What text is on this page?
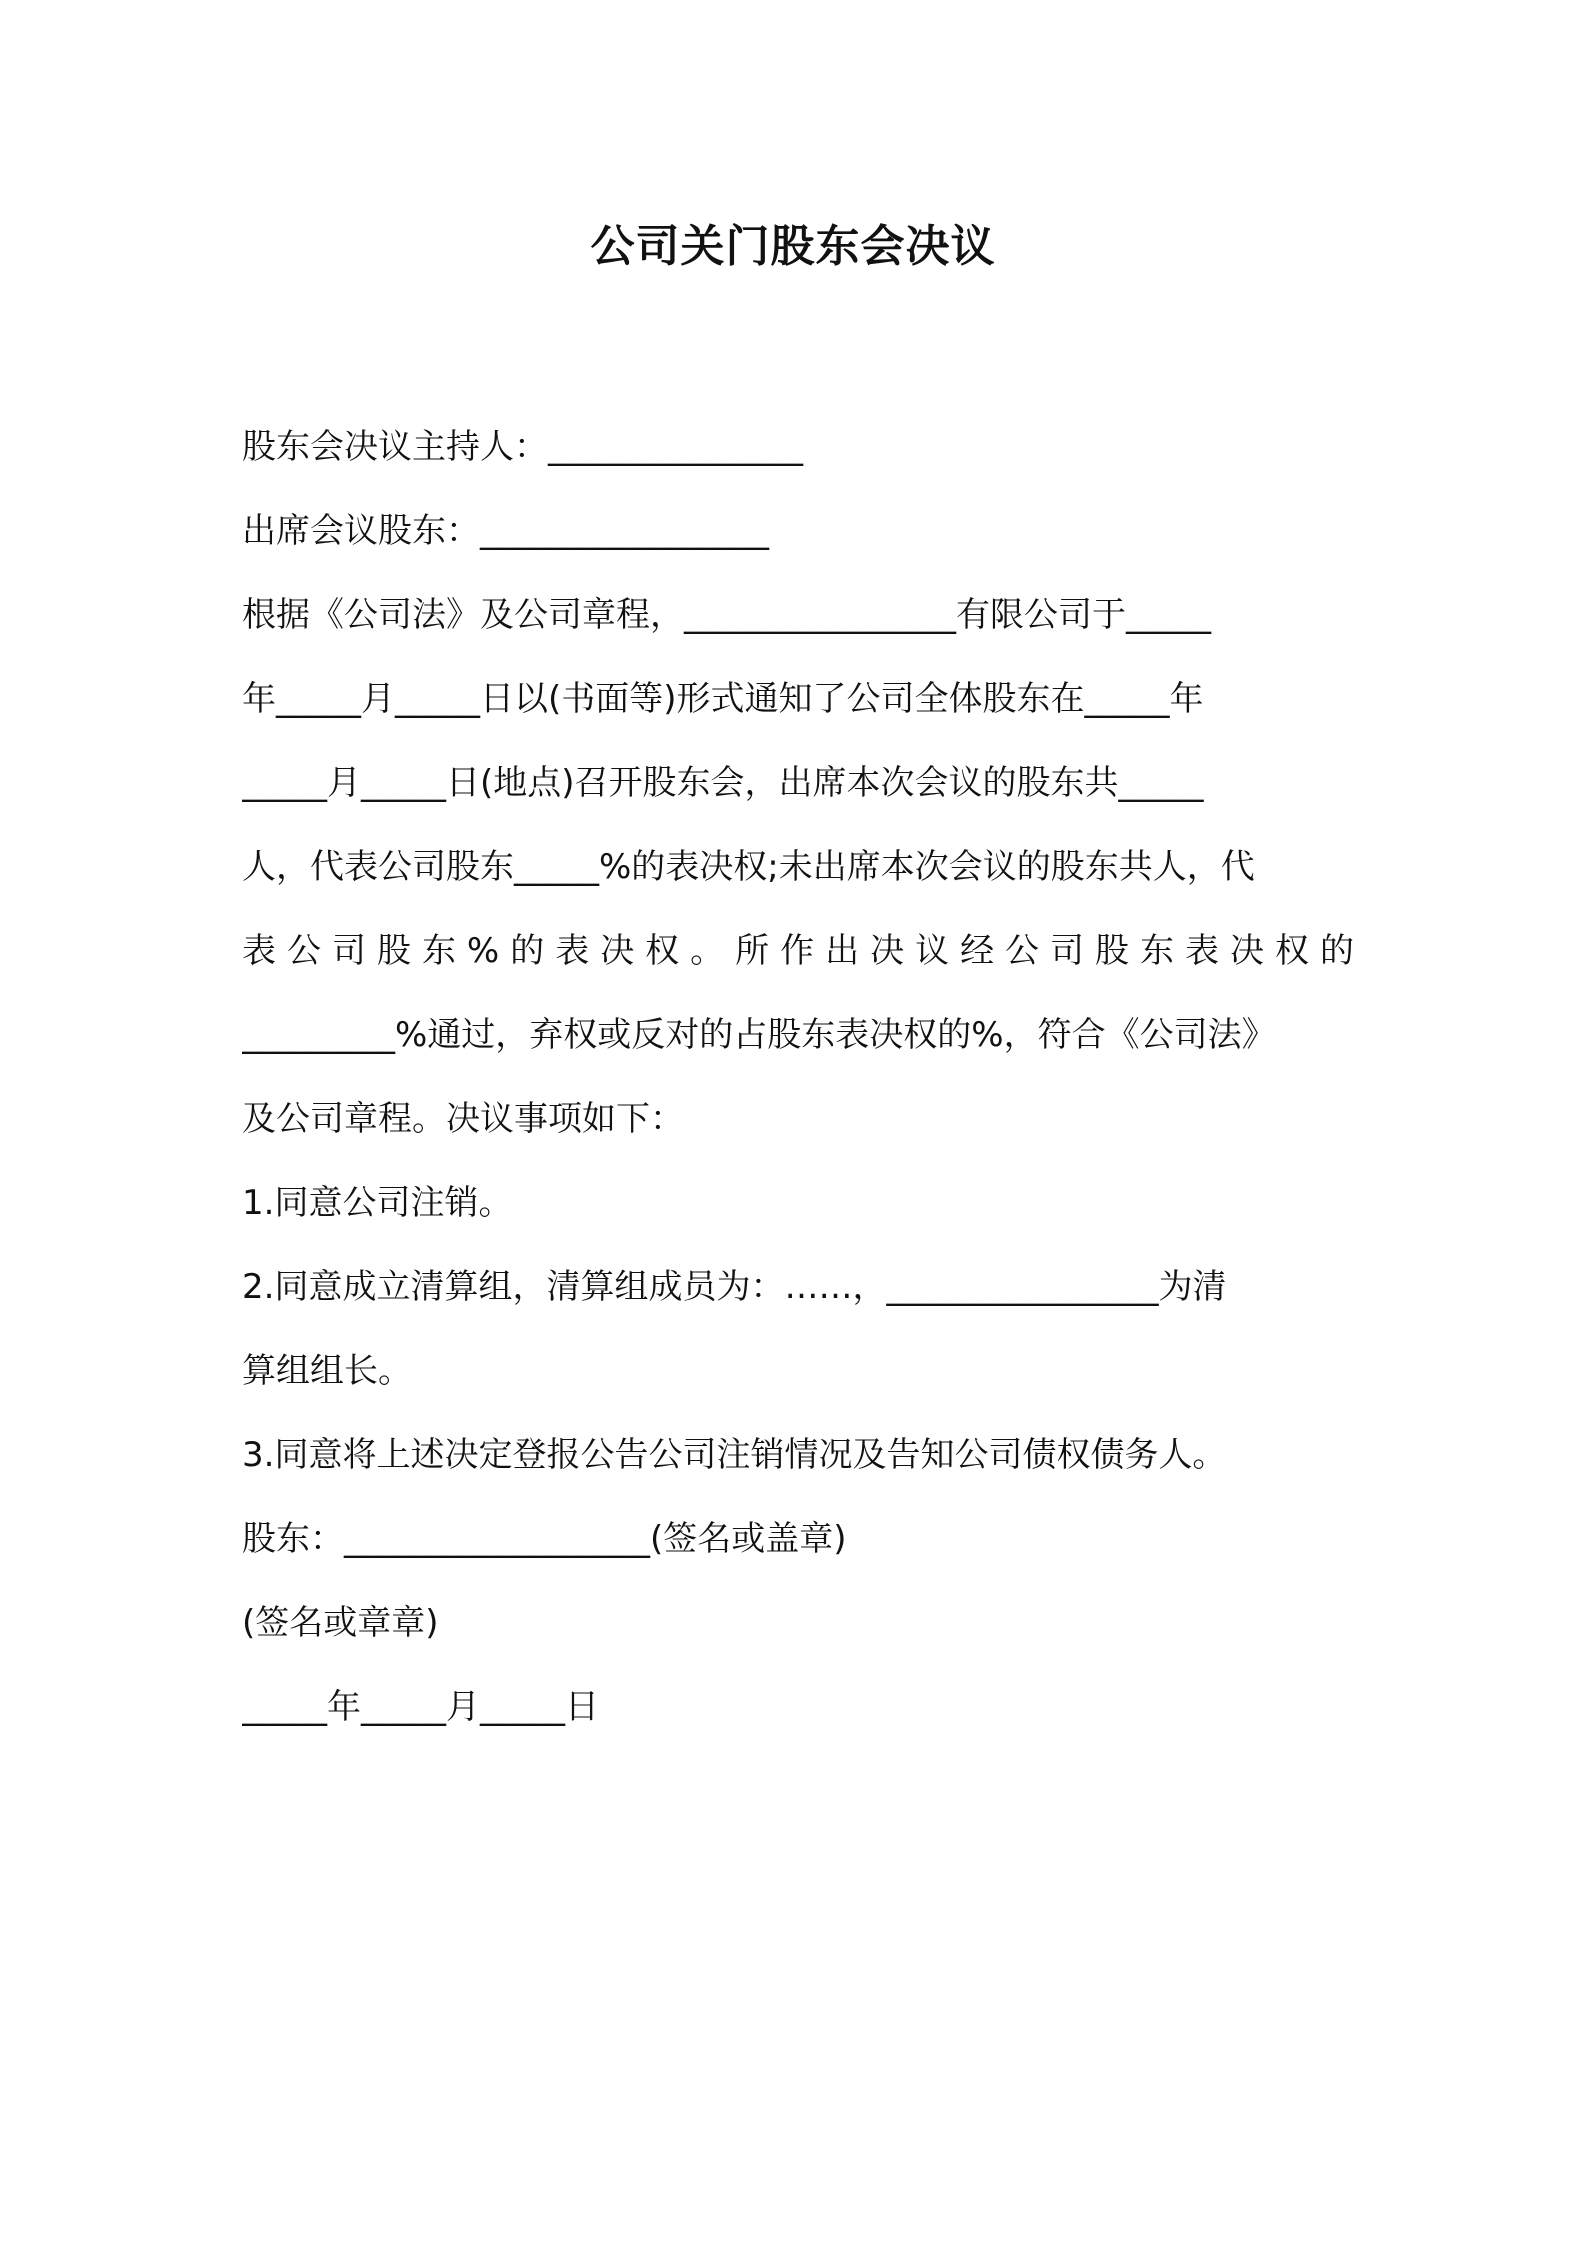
公司关门股东会决议
股东会决议主持人：_______________
出席会议股东：_________________
根据《公司法》及公司章程，________________有限公司于_____
年_____月_____日以(书面等)形式通知了公司全体股东在_____年
_____月_____日(地点)召开股东会，出席本次会议的股东共_____
人，代表公司股东_____%的表决权;未出席本次会议的股东共人，代
表 公 司 股 东 % 的 表 决 权 。 所 作 出 决 议 经 公 司 股 东 表 决 权 的
_________%通过，弃权或反对的占股东表决权的%，符合《公司法》
及公司章程。决议事项如下：
1.同意公司注销。
2.同意成立清算组，清算组成员为：……，________________为清
算组组长。
3.同意将上述决定登报公告公司注销情况及告知公司债权债务人。
股东：__________________(签名或盖章)
(签名或章章)
_____年_____月_____日
